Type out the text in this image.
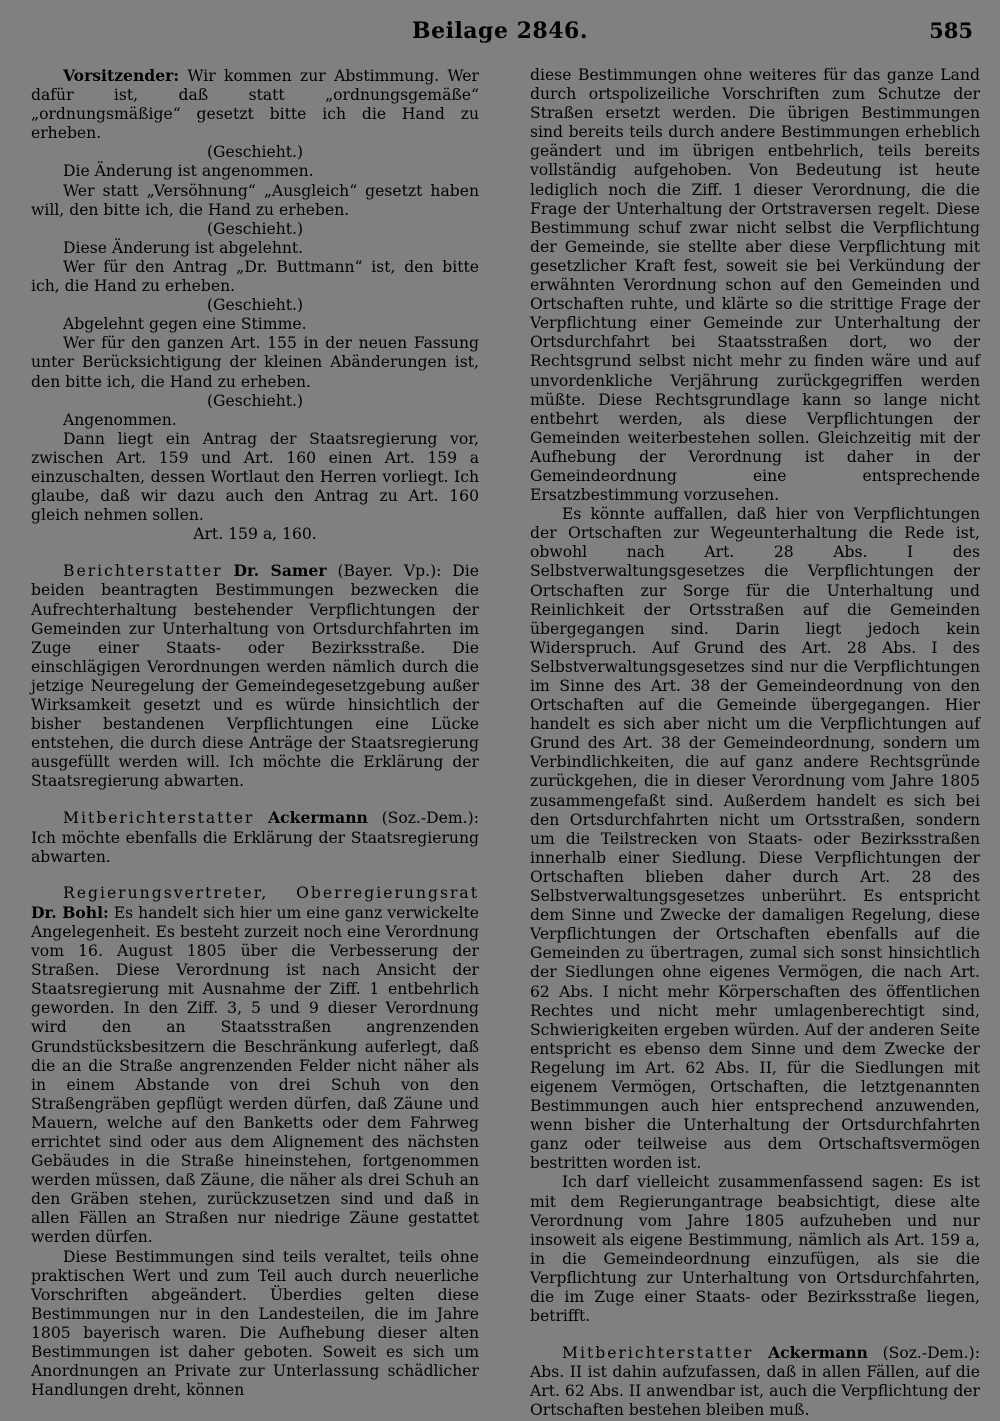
Beilage 2846.	585

Vorsitzender: Wir kommen zur Abstimmung. Wer dafür ist, daß statt „ordnungsgemäße“ „ordnungsmäßige“ gesetzt bitte ich die Hand zu erheben.

(Geschieht.)

Die Änderung ist angenommen.

Wer statt „Versöhnung“ „Ausgleich“ gesetzt haben will, den bitte ich, die Hand zu erheben.

(Geschieht.)

Diese Änderung ist abgelehnt.

Wer für den Antrag „Dr. Buttmann“ ist, den bitte ich, die Hand zu erheben.

(Geschieht.)

Abgelehnt gegen eine Stimme.

Wer für den ganzen Art. 155 in der neuen Fassung unter Berücksichtigung der kleinen Abänderungen ist, den bitte ich, die Hand zu erheben.

(Geschieht.)

Angenommen.

Dann liegt ein Antrag der Staatsregierung vor, zwischen Art. 159 und Art. 160 einen Art. 159 a einzuschalten, dessen Wortlaut den Herren vorliegt. Ich glaube, daß wir dazu auch den Antrag zu Art. 160 gleich nehmen sollen.

Art. 159 a, 160.

Berichterstatter Dr. Samer (Bayer. Vp.): Die beiden beantragten Bestimmungen bezwecken die Aufrechterhaltung bestehender Verpflichtungen der Gemeinden zur Unterhaltung von Ortsdurchfahrten im Zuge einer Staats- oder Bezirksstraße. Die einschlägigen Verordnungen werden nämlich durch die jetzige Neuregelung der Gemeindegesetzgebung außer Wirksamkeit gesetzt und es würde hinsichtlich der bisher bestandenen Verpflichtungen eine Lücke entstehen, die durch diese Anträge der Staatsregierung ausgefüllt werden will. Ich möchte die Erklärung der Staatsregierung abwarten.

Mitberichterstatter Ackermann (Soz.-Dem.): Ich möchte ebenfalls die Erklärung der Staatsregierung abwarten.

Regierungsvertreter, Oberregierungsrat Dr. Bohl: Es handelt sich hier um eine ganz verwickelte Angelegenheit. Es besteht zurzeit noch eine Verordnung vom 16. August 1805 über die Verbesserung der Straßen. Diese Verordnung ist nach Ansicht der Staatsregierung mit Ausnahme der Ziff. 1 entbehrlich geworden. In den Ziff. 3, 5 und 9 dieser Verordnung wird den an Staatsstraßen angrenzenden Grundstücksbesitzern die Beschränkung auferlegt, daß die an die Straße angrenzenden Felder nicht näher als in einem Abstande von drei Schuh von den Straßengräben gepflügt werden dürfen, daß Zäune und Mauern, welche auf den Banketts oder dem Fahrweg errichtet sind oder aus dem Alignement des nächsten Gebäudes in die Straße hineinstehen, fortgenommen werden müssen, daß Zäune, die näher als drei Schuh an den Gräben stehen, zurückzusetzen sind und daß in allen Fällen an Straßen nur niedrige Zäune gestattet werden dürfen.

Diese Bestimmungen sind teils veraltet, teils ohne praktischen Wert und zum Teil auch durch neuerliche Vorschriften abgeändert. Überdies gelten diese Bestimmungen nur in den Landesteilen, die im Jahre 1805 bayerisch waren. Die Aufhebung dieser alten Bestimmungen ist daher geboten. Soweit es sich um Anordnungen an Private zur Unterlassung schädlicher Handlungen dreht, können

diese Bestimmungen ohne weiteres für das ganze Land durch ortspolizeiliche Vorschriften zum Schutze der Straßen ersetzt werden. Die übrigen Bestimmungen sind bereits teils durch andere Bestimmungen erheblich geändert und im übrigen entbehrlich, teils bereits vollständig aufgehoben. Von Bedeutung ist heute lediglich noch die Ziff. 1 dieser Verordnung, die die Frage der Unterhaltung der Ortstraversen regelt. Diese Bestimmung schuf zwar nicht selbst die Verpflichtung der Gemeinde, sie stellte aber diese Verpflichtung mit gesetzlicher Kraft fest, soweit sie bei Verkündung der erwähnten Verordnung schon auf den Gemeinden und Ortschaften ruhte, und klärte so die strittige Frage der Verpflichtung einer Gemeinde zur Unterhaltung der Ortsdurchfahrt bei Staatsstraßen dort, wo der Rechtsgrund selbst nicht mehr zu finden wäre und auf unvordenkliche Verjährung zurückgegriffen werden müßte. Diese Rechtsgrundlage kann so lange nicht entbehrt werden, als diese Verpflichtungen der Gemeinden weiterbestehen sollen. Gleichzeitig mit der Aufhebung der Verordnung ist daher in der Gemeindeordnung eine entsprechende Ersatzbestimmung vorzusehen.

Es könnte auffallen, daß hier von Verpflichtungen der Ortschaften zur Wegeunterhaltung die Rede ist, obwohl nach Art. 28 Abs. I des Selbstverwaltungsgesetzes die Verpflichtungen der Ortschaften zur Sorge für die Unterhaltung und Reinlichkeit der Ortsstraßen auf die Gemeinden übergegangen sind. Darin liegt jedoch kein Widerspruch. Auf Grund des Art. 28 Abs. I des Selbstverwaltungsgesetzes sind nur die Verpflichtungen im Sinne des Art. 38 der Gemeindeordnung von den Ortschaften auf die Gemeinde übergegangen. Hier handelt es sich aber nicht um die Verpflichtungen auf Grund des Art. 38 der Gemeindeordnung, sondern um Verbindlichkeiten, die auf ganz andere Rechtsgründe zurückgehen, die in dieser Verordnung vom Jahre 1805 zusammengefaßt sind. Außerdem handelt es sich bei den Ortsdurchfahrten nicht um Ortsstraßen, sondern um die Teilstrecken von Staats- oder Bezirksstraßen innerhalb einer Siedlung. Diese Verpflichtungen der Ortschaften blieben daher durch Art. 28 des Selbstverwaltungsgesetzes unberührt. Es entspricht dem Sinne und Zwecke der damaligen Regelung, diese Verpflichtungen der Ortschaften ebenfalls auf die Gemeinden zu übertragen, zumal sich sonst hinsichtlich der Siedlungen ohne eigenes Vermögen, die nach Art. 62 Abs. I nicht mehr Körperschaften des öffentlichen Rechtes und nicht mehr umlagenberechtigt sind, Schwierigkeiten ergeben würden. Auf der anderen Seite entspricht es ebenso dem Sinne und dem Zwecke der Regelung im Art. 62 Abs. II, für die Siedlungen mit eigenem Vermögen, Ortschaften, die letztgenannten Bestimmungen auch hier entsprechend anzuwenden, wenn bisher die Unterhaltung der Ortsdurchfahrten ganz oder teilweise aus dem Ortschaftsvermögen bestritten worden ist.

Ich darf vielleicht zusammenfassend sagen: Es ist mit dem Regierungantrage beabsichtigt, diese alte Verordnung vom Jahre 1805 aufzuheben und nur insoweit als eigene Bestimmung, nämlich als Art. 159 a, in die Gemeindeordnung einzufügen, als sie die Verpflichtung zur Unterhaltung von Ortsdurchfahrten, die im Zuge einer Staats- oder Bezirksstraße liegen, betrifft.

Mitberichterstatter Ackermann (Soz.-Dem.): Abs. II ist dahin aufzufassen, daß in allen Fällen, auf die Art. 62 Abs. II anwendbar ist, auch die Verpflichtung der Ortschaften bestehen bleiben muß.
